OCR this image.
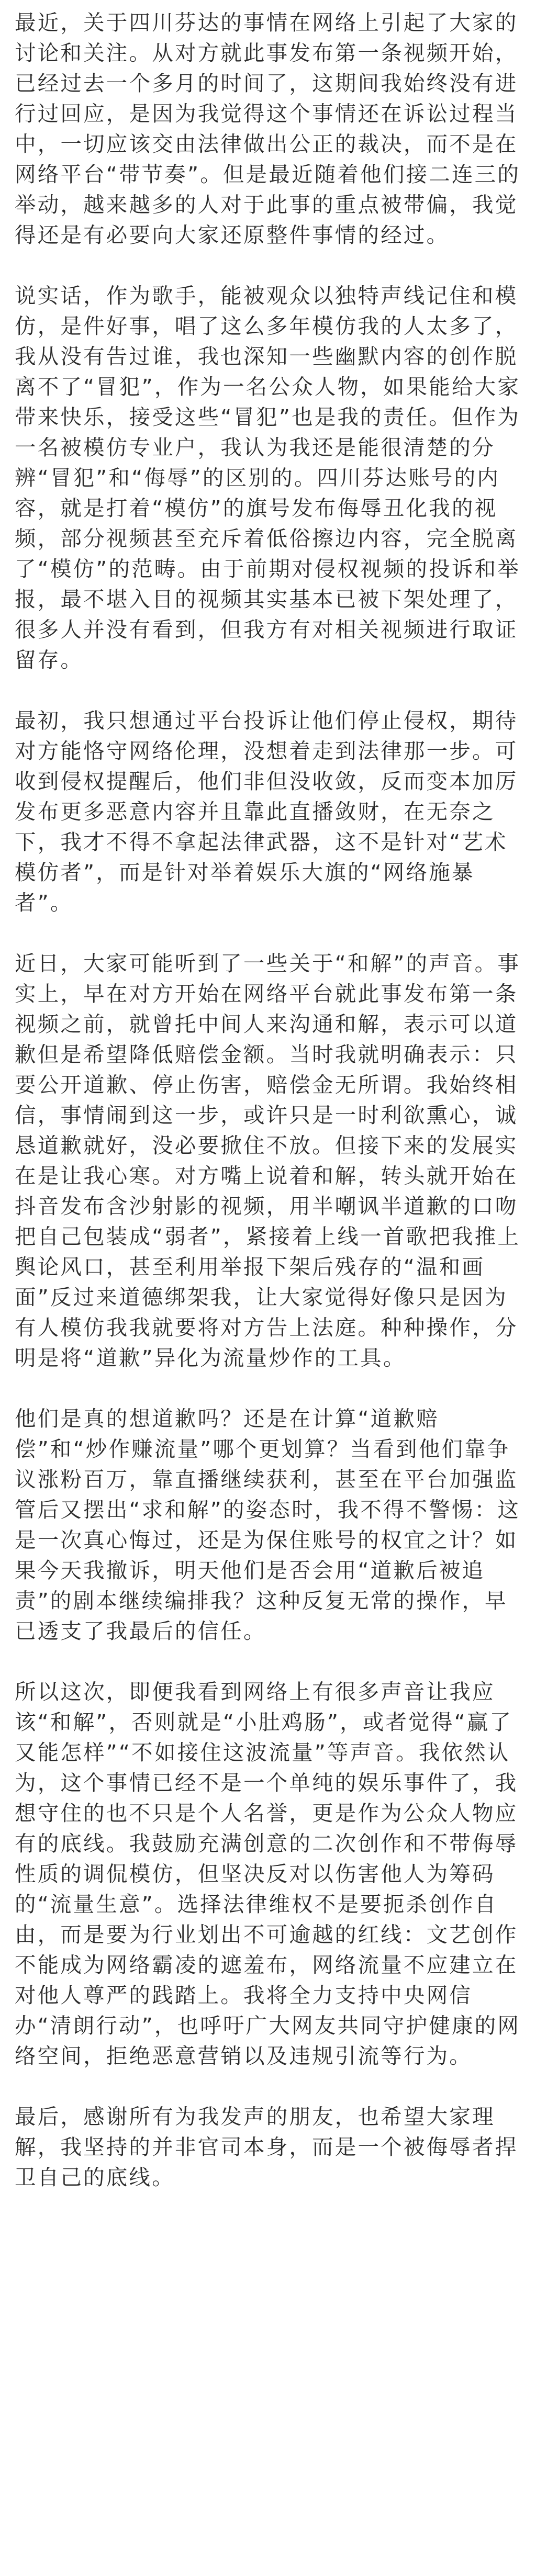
最近，关于四川芬达的事情在网络上引起了大家的讨论和关注。从对方就此事发布第一条视频开始，已经过去一个多月的时间了，这期间我始终没有进行过回应，是因为我觉得这个事情还在诉讼过程当中，一切应该交由法律做出公正的裁决，而不是在网络平台“带节奏”。但是最近随着他们接二连三的举动，越来越多的人对于此事的重点被带偏，我觉得还是有必要向大家还原整件事情的经过。

说实话，作为歌手，能被观众以独特声线记住和模仿，是件好事，唱了这么多年模仿我的人太多了，我从没有告过谁，我也深知一些幽默内容的创作脱离不了“冒犯”，作为一名公众人物，如果能给大家带来快乐，接受这些“冒犯”也是我的责任。但作为一名被模仿专业户，我认为我还是能很清楚的分辨“冒犯”和“侮辱”的区别的。四川芬达账号的内容，就是打着“模仿”的旗号发布侮辱丑化我的视频，部分视频甚至充斥着低俗擦边内容，完全脱离了“模仿”的范畴。由于前期对侵权视频的投诉和举报，最不堪入目的视频其实基本已被下架处理了，很多人并没有看到，但我方有对相关视频进行取证留存。

最初，我只想通过平台投诉让他们停止侵权，期待对方能恪守网络伦理，没想着走到法律那一步。可收到侵权提醒后，他们非但没收敛，反而变本加厉发布更多恶意内容并且靠此直播敛财，在无奈之下，我才不得不拿起法律武器，这不是针对“艺术模仿者”，而是针对举着娱乐大旗的“网络施暴者”。

近日，大家可能听到了一些关于“和解”的声音。事实上，早在对方开始在网络平台就此事发布第一条视频之前，就曾托中间人来沟通和解，表示可以道歉但是希望降低赔偿金额。当时我就明确表示：只要公开道歉、停止伤害，赔偿金无所谓。我始终相信，事情闹到这一步，或许只是一时利欲熏心，诚恳道歉就好，没必要掀住不放。但接下来的发展实在是让我心寒。对方嘴上说着和解，转头就开始在抖音发布含沙射影的视频，用半嘲讽半道歉的口吻把自己包装成“弱者”，紧接着上线一首歌把我推上舆论风口，甚至利用举报下架后残存的“温和画面”反过来道德绑架我，让大家觉得好像只是因为有人模仿我我就要将对方告上法庭。种种操作，分明是将“道歉”异化为流量炒作的工具。

他们是真的想道歉吗？还是在计算“道歉赔偿”和“炒作赚流量”哪个更划算？当看到他们靠争议涨粉百万，靠直播继续获利，甚至在平台加强监管后又摆出“求和解”的姿态时，我不得不警惕：这是一次真心悔过，还是为保住账号的权宜之计？如果今天我撤诉，明天他们是否会用“道歉后被追责”的剧本继续编排我？这种反复无常的操作，早已透支了我最后的信任。

所以这次，即便我看到网络上有很多声音让我应该“和解”，否则就是“小肚鸡肠”，或者觉得“赢了又能怎样”“不如接住这波流量”等声音。我依然认为，这个事情已经不是一个单纯的娱乐事件了，我想守住的也不只是个人名誉，更是作为公众人物应有的底线。我鼓励充满创意的二次创作和不带侮辱性质的调侃模仿，但坚决反对以伤害他人为筹码的“流量生意”。选择法律维权不是要扼杀创作自由，而是要为行业划出不可逾越的红线：文艺创作不能成为网络霸凌的遮羞布，网络流量不应建立在对他人尊严的践踏上。我将全力支持中央网信办“清朗行动”，也呼吁广大网友共同守护健康的网络空间，拒绝恶意营销以及违规引流等行为。

最后，感谢所有为我发声的朋友，也希望大家理解，我坚持的并非官司本身，而是一个被侮辱者捍卫自己的底线。
